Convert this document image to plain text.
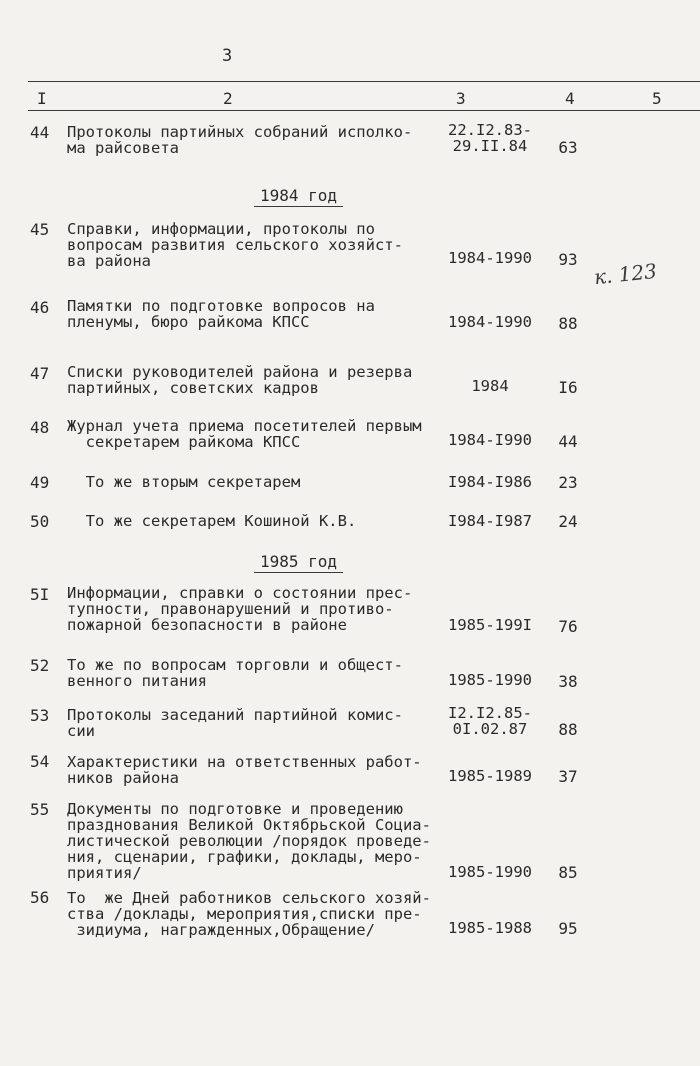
3
I	2	3	4	5
44	Протоколы партийных собраний исполко-
ма райсовета
22.I2.83-
29.II.84	63
1984 год
45	Справки, информации, протоколы по
вопросам развития сельского хозяйст-
ва района	1984-1990	93 к. 123
46	Памятки по подготовке вопросов на
пленумы, бюро райкома КПСС	1984-1990	88
47	Списки руководителей района и резерва
партийных, советских кадров	1984	I6
48	Журнал учета приема посетителей первым
секретарем райкома КПСС	1984-I990	44
49	То же вторым секретарем	I984-I986	23
50	То же секретарем Кошиной К.В.	I984-I987	24
1985 год
5I	Информации, справки о состоянии прес-
тупности, правонарушений и противо-
пожарной безопасности в районе	1985-199I	76
52	То же по вопросам торговли и общест-
венного питания	1985-1990	38
53	Протоколы заседаний партийной комис-
сии
I2.I2.85-
0I.02.87	88
54	Характеристики на ответственных работ-
ников района	1985-1989	37
55	Документы по подготовке и проведению
празднования Великой Октябрьской Социа-
листической революции /порядок проведе-
ния, сценарии, графики, доклады, меро-
приятия/	1985-1990	85
56	То  же Дней работников сельского хозяй-
ства /доклады, мероприятия,списки пре-
зидиума, награжденных,Обращение/	1985-1988	95
